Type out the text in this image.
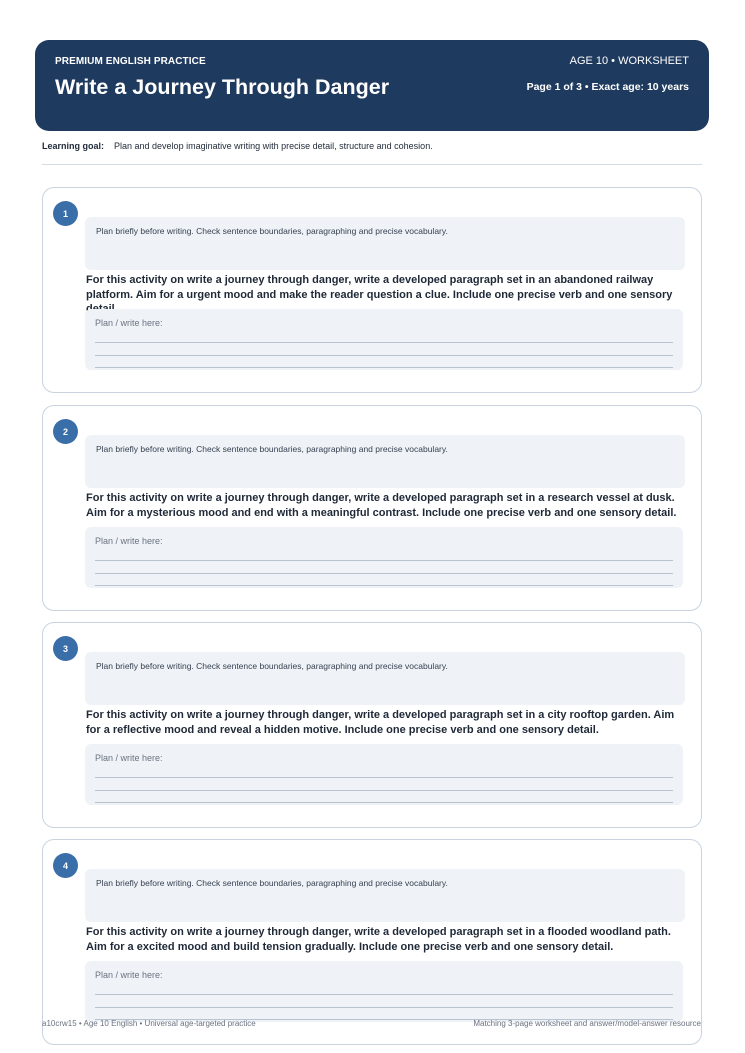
PREMIUM ENGLISH PRACTICE
Write a Journey Through Danger
AGE 10 • WORKSHEET
Page 1 of 3 • Exact age: 10 years
Learning goal: Plan and develop imaginative writing with precise detail, structure and cohesion.
1
Plan briefly before writing. Check sentence boundaries, paragraphing and precise vocabulary.
For this activity on write a journey through danger, write a developed paragraph set in an abandoned railway platform. Aim for a urgent mood and make the reader question a clue. Include one precise verb and one sensory
Plan / write here:
2
Plan briefly before writing. Check sentence boundaries, paragraphing and precise vocabulary.
For this activity on write a journey through danger, write a developed paragraph set in a research vessel at dusk. Aim for a mysterious mood and end with a meaningful contrast. Include one precise verb and one sensory detail.
Plan / write here:
3
Plan briefly before writing. Check sentence boundaries, paragraphing and precise vocabulary.
For this activity on write a journey through danger, write a developed paragraph set in a city rooftop garden. Aim for a reflective mood and reveal a hidden motive. Include one precise verb and one sensory detail.
Plan / write here:
4
Plan briefly before writing. Check sentence boundaries, paragraphing and precise vocabulary.
For this activity on write a journey through danger, write a developed paragraph set in a flooded woodland path. Aim for a excited mood and build tension gradually. Include one precise verb and one sensory detail.
Plan / write here:
a10crw15 • Age 10 English • Universal age-targeted practice	Matching 3-page worksheet and answer/model-answer resource
